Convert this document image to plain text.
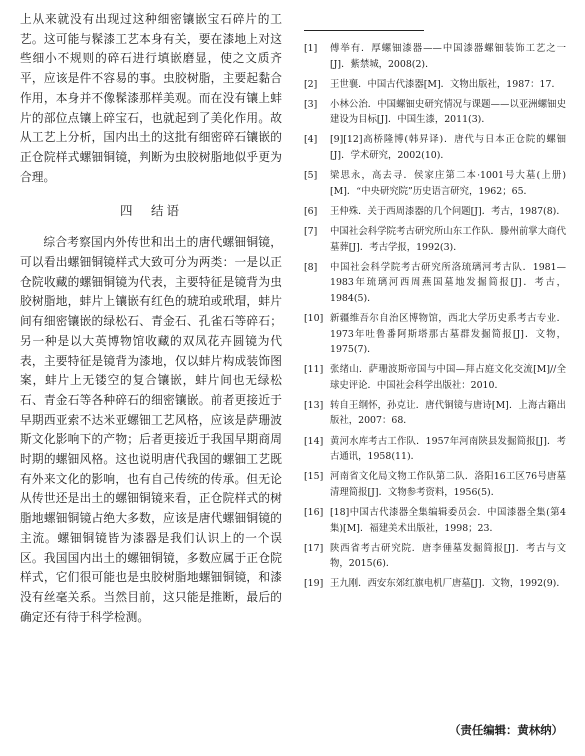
上从来就没有出现过这种细密镶嵌宝石碎片的工艺。这可能与髹漆工艺本身有关，要在漆地上对这些细小不规则的碎石进行填嵌磨显，使之文质齐平，应该是件不容易的事。虫胶树脂，主要起黏合作用，本身并不像髹漆那样美观。而在没有镶上蚌片的部位点镶上碎宝石，也就起到了美化作用。故从工艺上分析，国内出土的这批有细密碎石镶嵌的正仓院样式螺钿铜镜，判断为虫胶树脂地似乎更为合理。

四　结语

综合考察国内外传世和出土的唐代螺钿铜镜，可以看出螺钿铜镜样式大致可分为两类：一是以正仓院收藏的螺钿铜镜为代表，主要特征是镜背为虫胶树脂地，蚌片上镶嵌有红色的琥珀或玳瑁，蚌片间有细密镶嵌的绿松石、青金石、孔雀石等碎石；另一种是以大英博物馆收藏的双凤花卉圆镜为代表，主要特征是镜背为漆地，仅以蚌片构成装饰图案，蚌片上无镂空的复合镶嵌，蚌片间也无绿松石、青金石等各种碎石的细密镶嵌。前者更接近于早期西亚索不达米亚螺钿工艺风格，应该是萨珊波斯文化影响下的产物；后者更接近于我国早期商周时期的螺钿风格。这也说明唐代我国的螺钿工艺既有外来文化的影响，也有自己传统的传承。但无论从传世还是出土的螺钿铜镜来看，正仓院样式的树脂地螺钿铜镜占绝大多数，应该是唐代螺钿铜镜的主流。螺钿铜镜皆为漆器是我们认识上的一个误区。我国国内出土的螺钿铜镜，多数应属于正仓院样式，它们很可能也是虫胶树脂地螺钿铜镜，和漆没有丝毫关系。当然目前，这只能是推断，最后的确定还有待于科学检测。

[1]	傅举有．厚螺钿漆器——中国漆器螺钿装饰工艺之一[J]．紫禁城，2008(2)．
[2]	王世襄．中国古代漆器[M]．文物出版社，1987：17．
[3]	小林公治．中国螺钿史研究情况与课题——以亚洲螺钿史建设为目标[J]．中国生漆，2011(3)．
[4]	[9][12]高桥隆博(韩昇译)．唐代与日本正仓院的螺钿[J]．学术研究，2002(10)．
[5]	梁思永，高去寻．侯家庄第二本·1001号大墓(上册)[M]．“中央研究院”历史语言研究，1962；65．
[6]	王仲殊．关于西周漆器的几个问题[J]．考古，1987(8)．
[7]	中国社会科学院考古研究所山东工作队．滕州前掌大商代墓葬[J]．考古学报，1992(3)．
[8]	中国社会科学院考古研究所洛琉璃河考古队．1981—1983年琉璃河西周燕国墓地发掘简报[J]．考古，1984(5)．
[10] 新疆维吾尔自治区博物馆，西北大学历史系考古专业．1973年吐鲁番阿斯塔那古墓群发掘简报[J]．文物，1975(7)．
[11] 张绪山．萨珊波斯帝国与中国—拜占庭文化交流[M]//全球史评论．中国社会科学出版社：2010．
[13] 转自王纲怀，孙克让．唐代铜镜与唐诗[M]．上海古籍出版社，2007：68．
[14] 黄河水库考古工作队．1957年河南陕县发掘简报[J]．考古通讯，1958(11)．
[15] 河南省文化局文物工作队第二队．洛阳16工区76号唐墓清理简报[J]．文物参考资料，1956(5)．
[16] [18]中国古代漆器全集编辑委员会．中国漆器全集(第4集)[M]．福建美术出版社，1998；23．
[17] 陕西省考古研究院．唐李倕墓发掘简报[J]．考古与文物，2015(6)．
[19] 王九刚．西安东郊红旗电机厂唐墓[J]．文物，1992(9)．
（责任编辑：黄林纳）
